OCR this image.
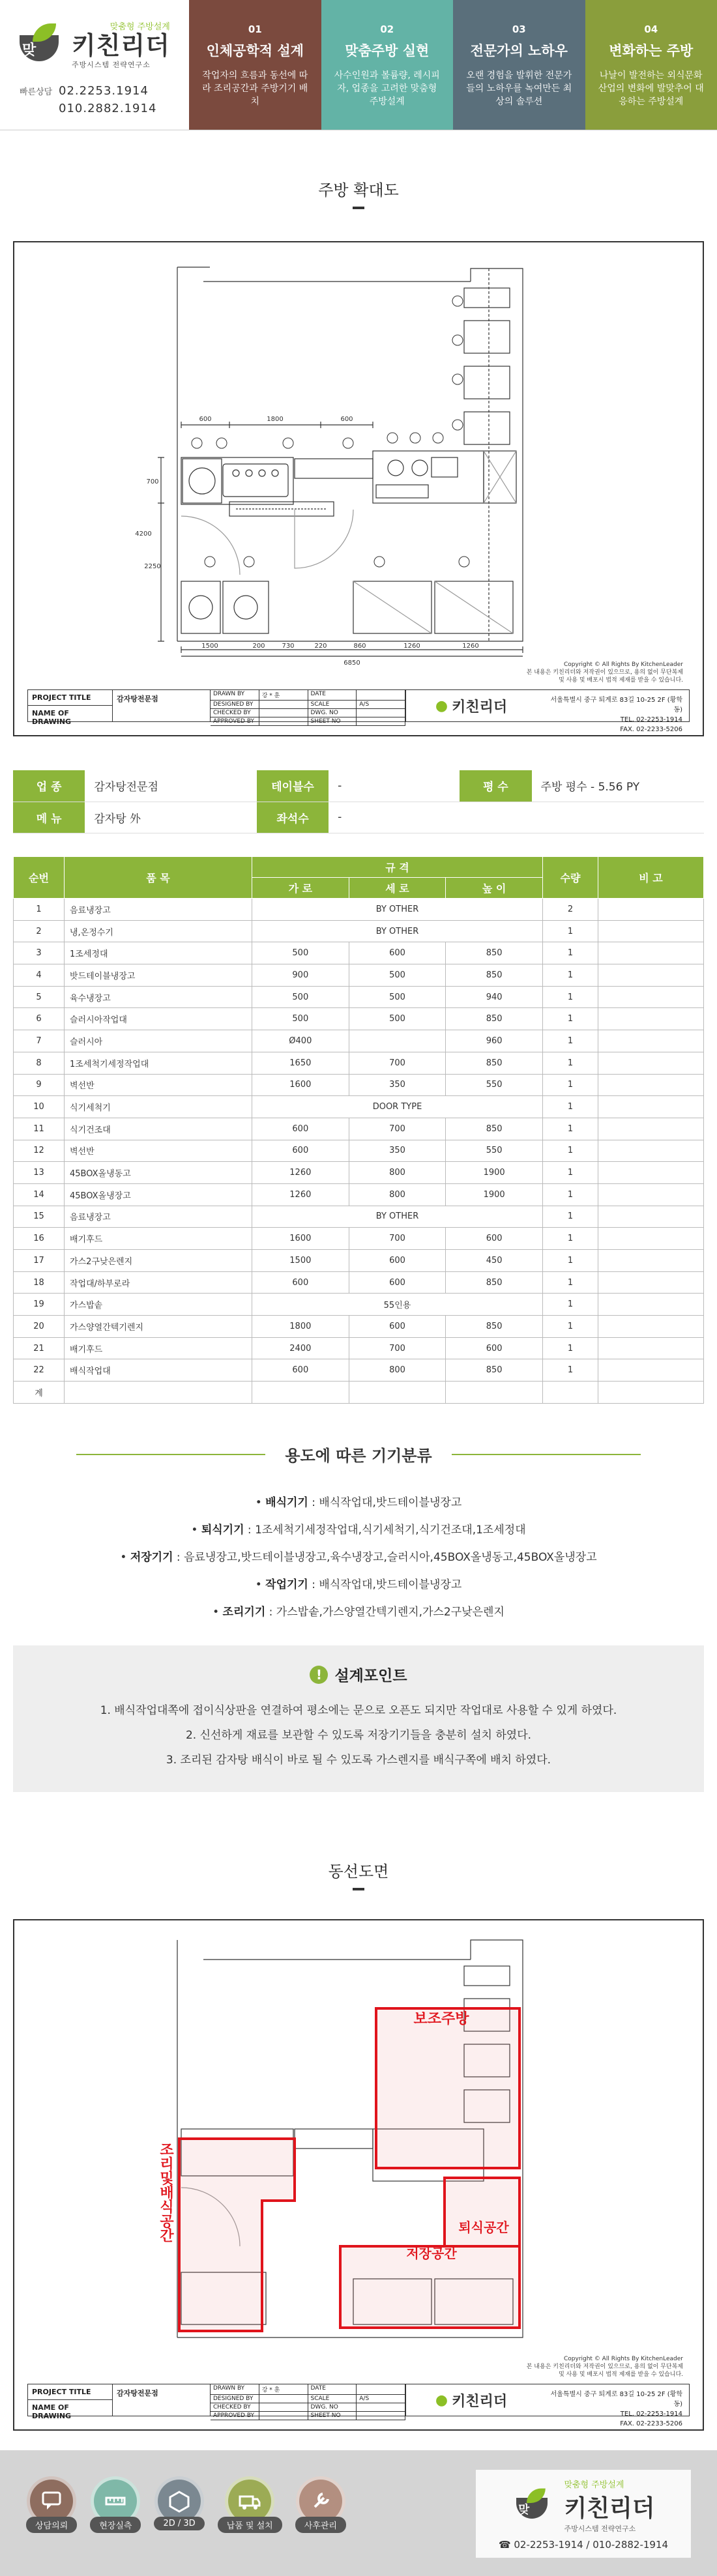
맞
맞춤형 주방설계
키친리더
주방시스템 전략연구소
빠른상담 02.2253.1914
010.2882.1914
01
인체공학적 설계
작업자의 흐름과 동선에 따라 조리공간과 주방기기 배치
02
맞춤주방 실현
사수인원과 볼륨량, 레시피자, 업종을 고려한 맞춤형 주방설계
03
전문가의 노하우
오랜 경험을 발휘한 전문가들의 노하우를 녹여만든 최상의 솔루션
04
변화하는 주방
나날이 발전하는 외식문화 산업의 변화에 발맞추어 대응하는 주방설계
주방 확대도
600	1800	600
1500	200	730	220	860	1260	1260
6850
700
2250
4200
Copyright © All Rights By KitchenLeader
본 내용은 키친리더와 저작권이 있으므로, 용의 없이 무단복제 및 사용 및 배포시 법적 제재를 받을 수 있습니다.
PROJECT TITLE
NAME OF DRAWING
감자탕전문점
DRAWN BY	강 * 훈	DATE
DESIGNED BY	SCALE	A/S
CHECKED BY	DWG. NO
APPROVED BY	SHEET NO
● 키친리더	서울특별시 중구 퇴계로 83길 10-25 2F (황학동)
TEL. 02-2253-1914
FAX. 02-2233-5206
업 종	감자탕전문점	테이블수	-	평 수	주방 평수 - 5.56 PY
메 뉴	감자탕 外	좌석수	-		
순번	품 목	규 격			수량	비 고
		가 로	세 로	높 이		
1	음료냉장고	BY OTHER			2	
2	냉,온정수기	BY OTHER			1	
3	1조세정대	500	600	850	1	
4	밧드테이블냉장고	900	500	850	1	
5	육수냉장고	500	500	940	1	
6	슬러시아작업대	500	500	850	1	
7	슬러시아	Ø400		960	1	
8	1조세척기세정작업대	1650	700	850	1	
9	벽선반	1600	350	550	1	
10	식기세척기	DOOR TYPE			1	
11	식기건조대	600	700	850	1	
12	벽선반	600	350	550	1	
13	45BOX올냉동고	1260	800	1900	1	
14	45BOX올냉장고	1260	800	1900	1	
15	음료냉장고	BY OTHER			1	
16	배기후드	1600	700	600	1	
17	가스2구낮은렌지	1500	600	450	1	
18	작업대/하부로라	600	600	850	1	
19	가스밥솥	55인용			1	
20	가스양열간텍기렌지	1800	600	850	1	
21	배기후드	2400	700	600	1	
22	배식작업대	600	800	850	1	
계						
용도에 따른 기기분류
• 배식기기 : 배식작업대,밧드테이블냉장고
• 퇴식기기 : 1조세척기세정작업대,식기세척기,식기건조대,1조세정대
• 저장기기 : 음료냉장고,밧드테이블냉장고,육수냉장고,슬러시아,45BOX올냉동고,45BOX올냉장고
• 작업기기 : 배식작업대,밧드테이블냉장고
• 조리기기 : 가스밥솥,가스양열간텍기렌지,가스2구낮은렌지
! 설계포인트
1. 배식작업대쪽에 접이식상판을 연결하여 평소에는 문으로 오픈도 되지만 작업대로 사용할 수 있게 하였다.
2. 신선하게 재료를 보관할 수 있도록 저장기기들을 충분히 설치 하였다.
3. 조리된 감자탕 배식이 바로 될 수 있도록 가스렌지를 배식구쪽에 배치 하였다.
동선도면
보조주방
퇴식공간
저장공간
조리및배식공간
Copyright © All Rights By KitchenLeader
본 내용은 키친리더와 저작권이 있으므로, 용의 없이 무단복제 및 사용 및 배포시 법적 제재를 받을 수 있습니다.
PROJECT TITLE
NAME OF DRAWING
감자탕전문점
DRAWN BY	강 * 훈	DATE
DESIGNED BY	SCALE	A/S
CHECKED BY	DWG. NO
APPROVED BY	SHEET NO
● 키친리더	서울특별시 중구 퇴계로 83길 10-25 2F (황학동)
TEL. 02-2253-1914
FAX. 02-2233-5206
상담의뢰	현장실측	2D / 3D	납품 및 설치	사후관리
맞
맞춤형 주방설계
키친리더
주방시스템 전략연구소
☎ 02-2253-1914 / 010-2882-1914
